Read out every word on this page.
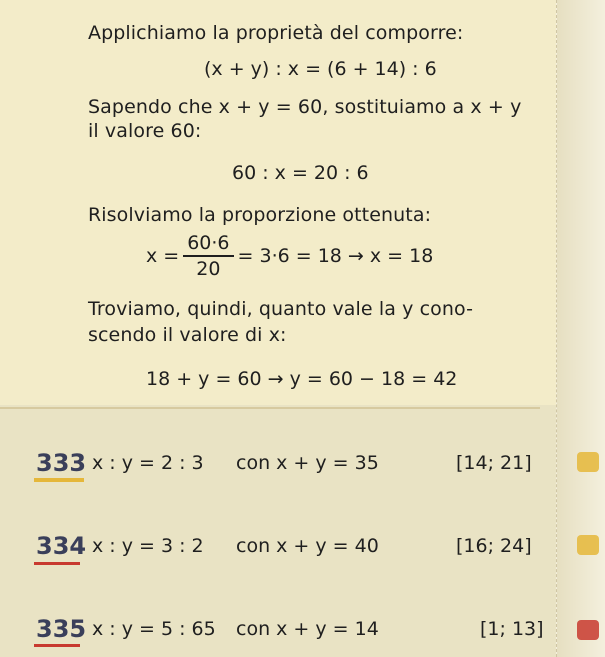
Applichiamo la proprietà del comporre:
(x + y) : x = (6 + 14) : 6
Sapendo che x + y = 60, sostituiamo a x + y
il valore 60:
60 : x = 20 : 6
Risolviamo la proporzione ottenuta:
$x = \frac{60\cdot 6}{20} = 3\cdot 6 = 18 \to x = 18$
Troviamo, quindi, quanto vale la y cono-
scendo il valore di x:
18 + y = 60 → y = 60 − 18 = 42
333 x : y = 2 : 3 con x + y = 35	[14; 21]
334 x : y = 3 : 2 con x + y = 40	[16; 24]
335 x : y = 5 : 65 con x + y = 14	[1; 13]
